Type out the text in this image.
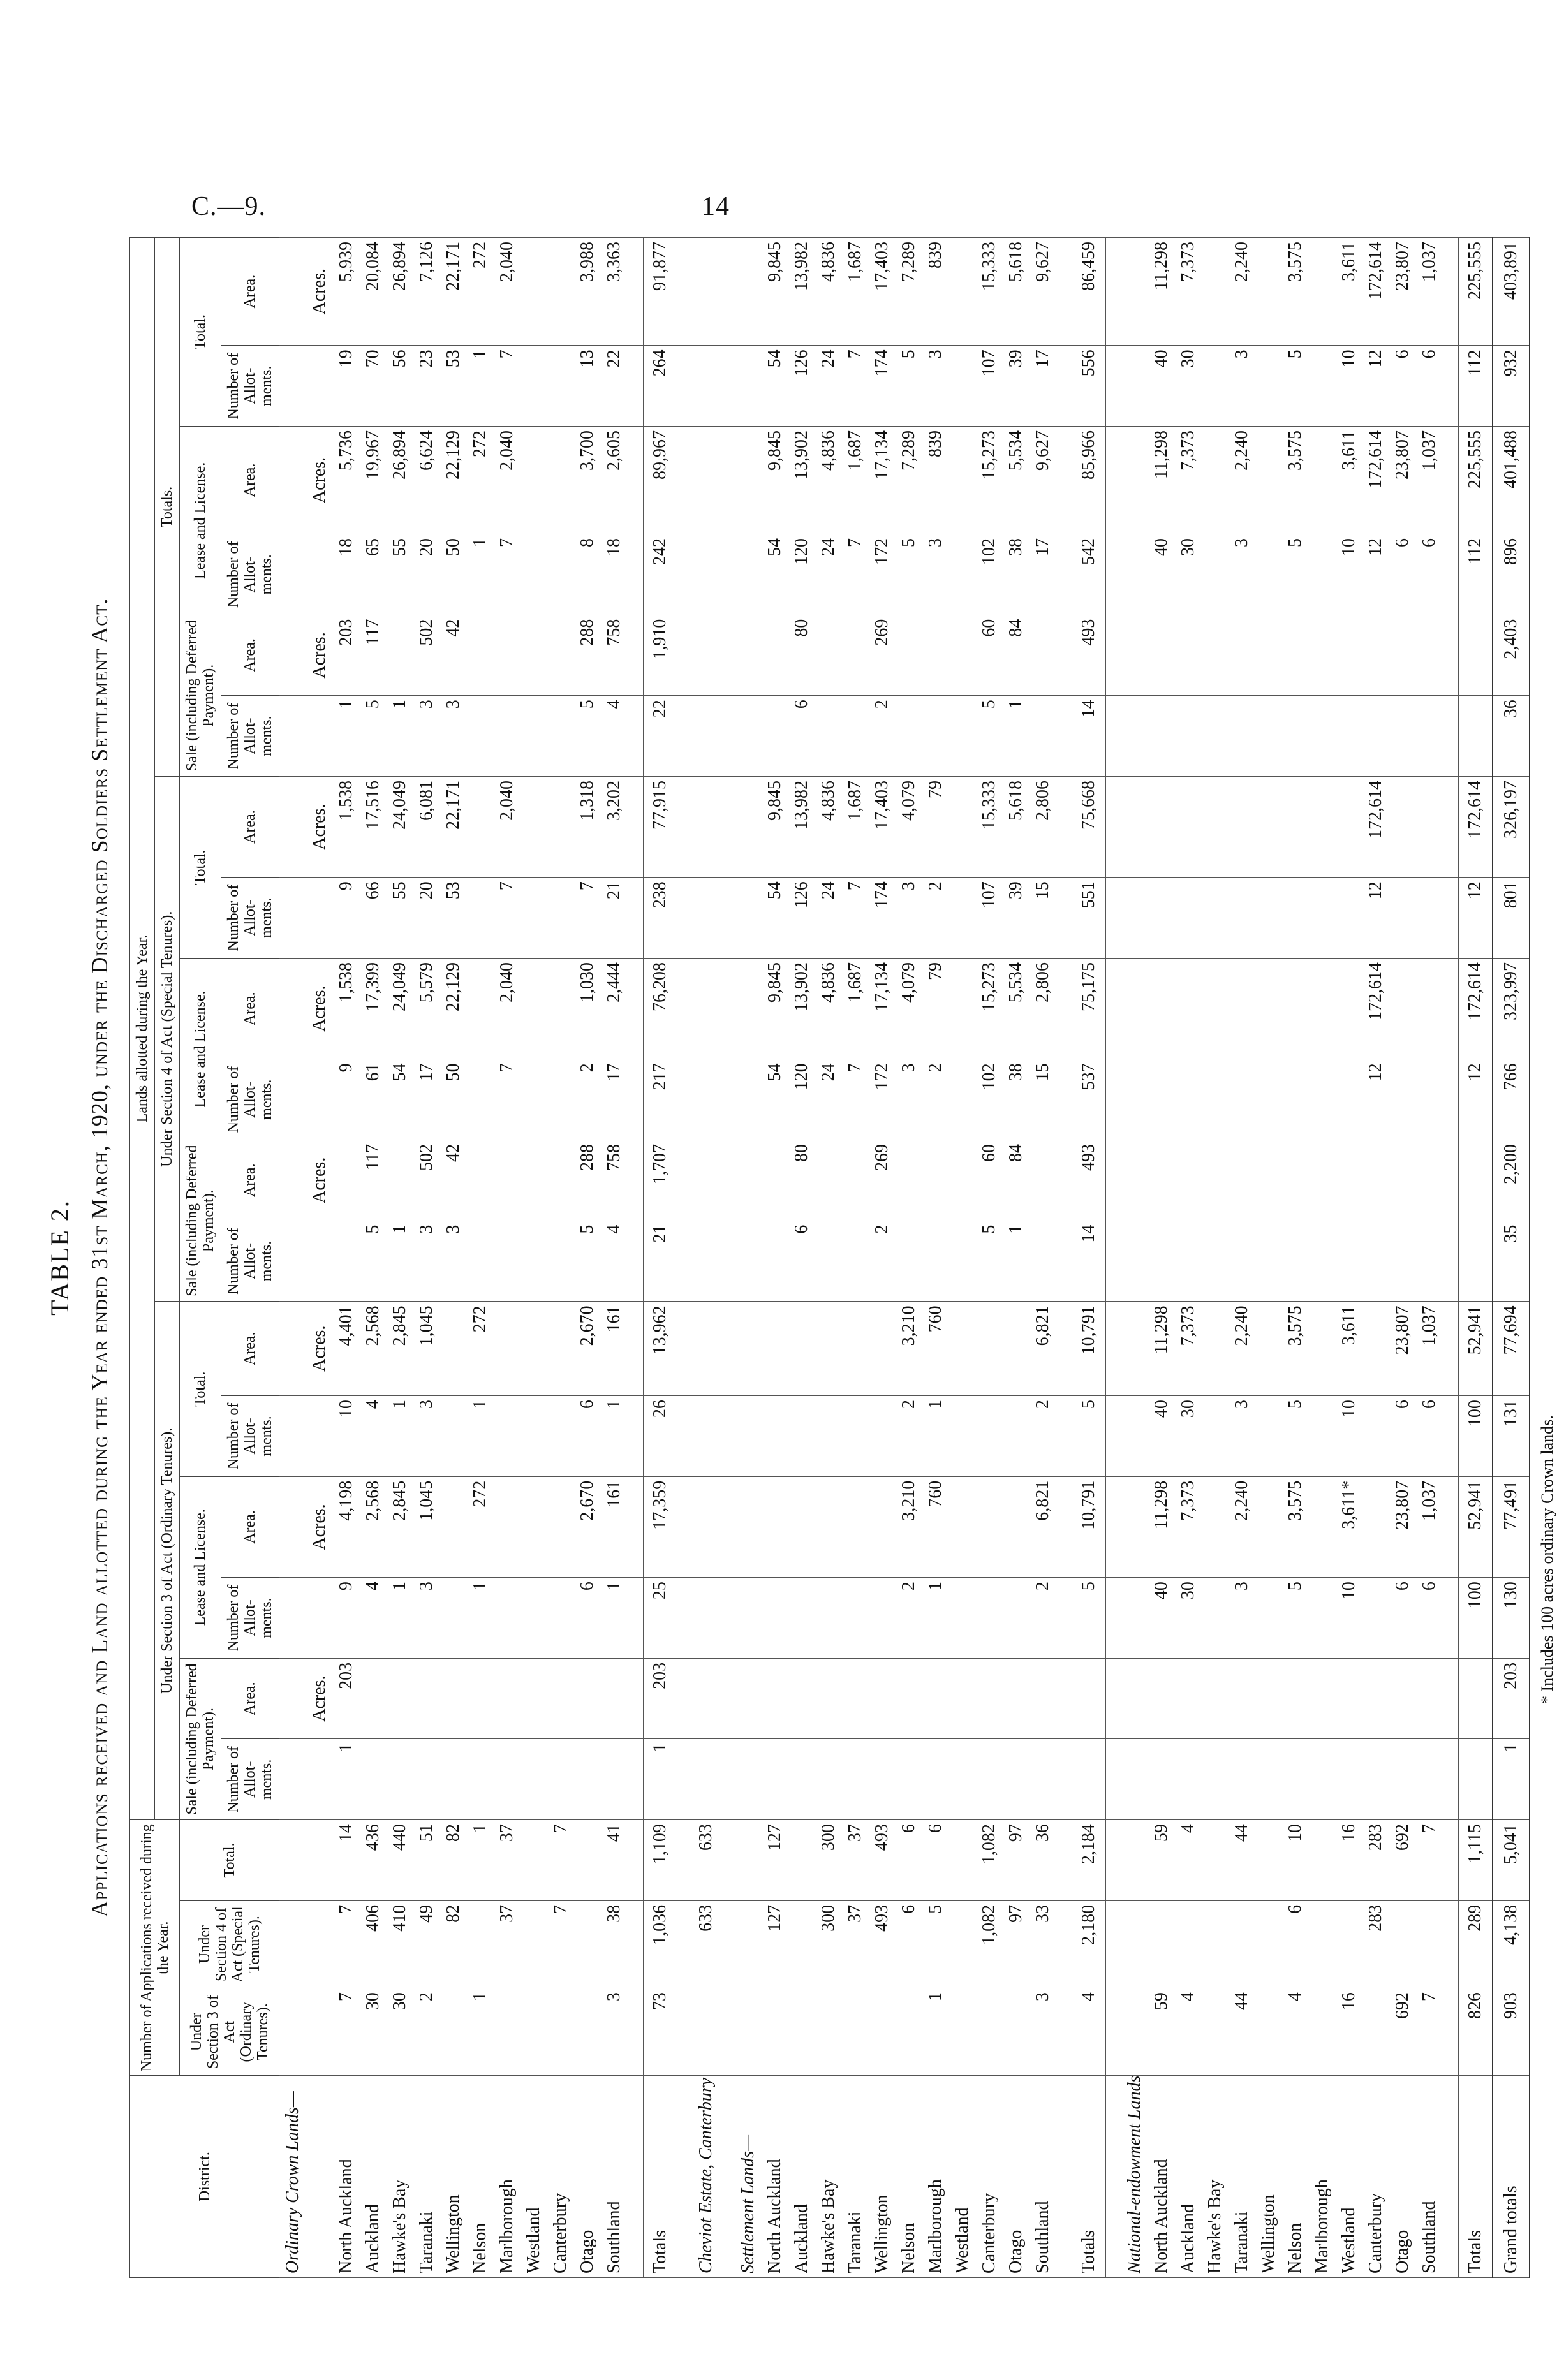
C.—9.	14
TABLE 2. Applications received and Land allotted during the Year ended 31st March, 1920, under the Discharged Soldiers Settlement Act.
District.	Number of Applications received during the Year.			Lands allotted during the Year.																	
				Under Section 3 of Act (Ordinary Tenures).						Under Section 4 of Act (Special Tenures).						Totals.					
	Under Section 3 of Act (Ordinary Tenures).	Under Section 4 of Act (Special Tenures).	Total.	Sale (including Deferred Payment).		Lease and License.		Total.		Sale (including Deferred Payment).		Lease and License.		Total.		Sale (including Deferred Payment).		Lease and License.		Total.	
				Number of Allot-ments.	Area.	Number of Allot-ments.	Area.	Number of Allot-ments.	Area.	Number of Allot-ments.	Area.	Number of Allot-ments.	Area.	Number of Allot-ments.	Area.	Number of Allot-ments.	Area.	Number of Allot-ments.	Area.	Number of Allot-ments.	Area.
Ordinary Crown Lands—																					
					Acres.		Acres.		Acres.		Acres.		Acres.		Acres.		Acres.		Acres.		Acres.
North Auckland	7	7	14	1	203	9	4,198	10	4,401			9	1,538	9	1,538	1	203	18	5,736	19	5,939
Auckland	30	406	436			4	2,568	4	2,568	5	117	61	17,399	66	17,516	5	117	65	19,967	70	20,084
Hawke's Bay	30	410	440			1	2,845	1	2,845	1		54	24,049	55	24,049	1		55	26,894	56	26,894
Taranaki	2	49	51			3	1,045	3	1,045	3	502	17	5,579	20	6,081	3	502	20	6,624	23	7,126
Wellington		82	82							3	42	50	22,129	53	22,171	3	42	50	22,129	53	22,171
Nelson	1		1			1	272	1	272									1	272	1	272
Marlborough		37	37									7	2,040	7	2,040			7	2,040	7	2,040
Westland																					
Canterbury		7	7																		
Otago						6	2,670	6	2,670	5	288	2	1,030	7	1,318	5	288	8	3,700	13	3,988
Southland	3	38	41			1	161	1	161	4	758	17	2,444	21	3,202	4	758	18	2,605	22	3,363

Totals	73	1,036	1,109	1	203	25	17,359	26	13,962	21	1,707	217	76,208	238	77,915	22	1,910	242	89,967	264	91,877

Cheviot Estate, Canterbury		633	633																		

Settlement Lands—																					
North Auckland		127	127									54	9,845	54	9,845			54	9,845	54	9,845
Auckland										6	80	120	13,902	126	13,982	6	80	120	13,902	126	13,982
Hawke's Bay		300	300									24	4,836	24	4,836			24	4,836	24	4,836
Taranaki		37	37									7	1,687	7	1,687			7	1,687	7	1,687
Wellington		493	493							2	269	172	17,134	174	17,403	2	269	172	17,134	174	17,403
Nelson		6	6			2	3,210	2	3,210			3	4,079	3	4,079			5	7,289	5	7,289
Marlborough	1	5	6			1	760	1	760			2	79	2	79			3	839	3	839
Westland																					
Canterbury		1,082	1,082							5	60	102	15,273	107	15,333	5	60	102	15,273	107	15,333
Otago		97	97							1	84	38	5,534	39	5,618	1	84	38	5,534	39	5,618
Southland	3	33	36			2	6,821	2	6,821			15	2,806	15	2,806			17	9,627	17	9,627

Totals	4	2,180	2,184			5	10,791	5	10,791	14	493	537	75,175	551	75,668	14	493	542	85,966	556	86,459

National-endowment Lands																					
North Auckland	59		59			40	11,298	40	11,298									40	11,298	40	11,298
Auckland	4		4			30	7,373	30	7,373									30	7,373	30	7,373
Hawke's Bay																					
Taranaki	44		44			3	2,240	3	2,240									3	2,240	3	2,240
Wellington																					
Nelson	4	6	10			5	3,575	5	3,575									5	3,575	5	3,575
Marlborough																					
Westland	16		16			10	3,611*	10	3,611									10	3,611	10	3,611
Canterbury		283	283									12	172,614	12	172,614			12	172,614	12	172,614
Otago	692		692			6	23,807	6	23,807									6	23,807	6	23,807
Southland	7		7			6	1,037	6	1,037									6	1,037	6	1,037

Totals	826	289	1,115			100	52,941	100	52,941			12	172,614	12	172,614			112	225,555	112	225,555
Grand totals	903	4,138	5,041	1	203	130	77,491	131	77,694	35	2,200	766	323,997	801	326,197	36	2,403	896	401,488	932	403,891
* Includes 100 acres ordinary Crown lands.
